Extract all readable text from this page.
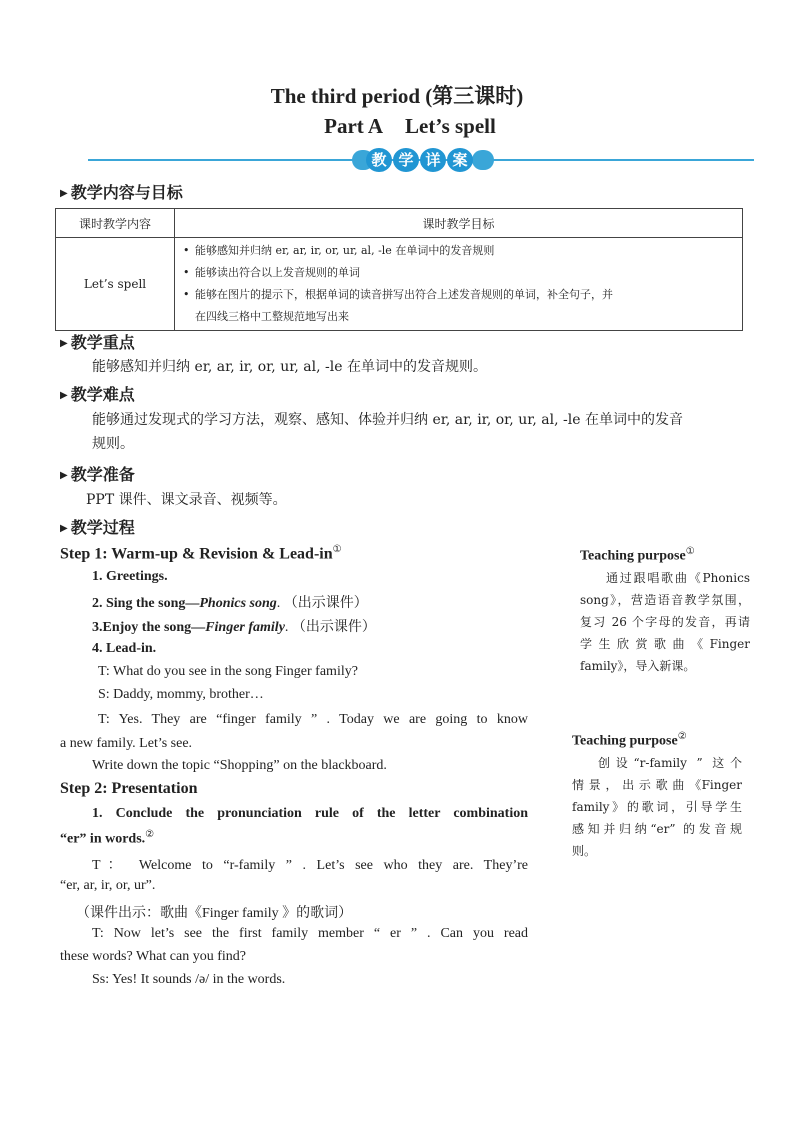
The third period (第三课时)
Part A Let’s spell
教 学 详 案
▶ 教学内容与目标
课时教学内容	课时教学目标
Let’s spell	• 能够感知并归纳 er, ar, ir, or, ur, al, -le 在单词中的发音规则
• 能够读出符合以上发音规则的单词
• 能够在图片的提示下，根据单词的读音拼写出符合上述发音规则的单词，补全句子，并
在四线三格中工整规范地写出来
▶ 教学重点
能够感知并归纳 er, ar, ir, or, ur, al, -le 在单词中的发音规则。
▶ 教学难点
能够通过发现式的学习方法，观察、感知、体验并归纳 er, ar, ir, or, ur, al, -le 在单词中的发音
规则。
▶ 教学准备
PPT 课件、课文录音、视频等。
▶ 教学过程
Step 1: Warm-up & Revision & Lead-in①
1. Greetings.
2. Sing the song—Phonics song. （出示课件）
3.Enjoy the song—Finger family. （出示课件）
4. Lead-in.
T: What do you see in the song Finger family?
S: Daddy, mommy, brother…
T: Yes. They are “finger family ” . Today we are going to know
a new family. Let’s see.
Write down the topic “Shopping” on the blackboard.
Step 2: Presentation
1. Conclude the pronunciation rule of the letter combination
“er” in words.②
T： Welcome to “r-family ” . Let’s see who they are. They’re
“er, ar, ir, or, ur”.
（课件出示：歌曲《Finger family 》的歌词）
T: Now let’s see the first family member “ er ” . Can you read
these words? What can you find?
Ss: Yes! It sounds /ə/ in the words.
Teaching purpose①
通过跟唱歌曲《Phonics
song》，营造语音教学氛围，
复习 26 个字母的发音，再请
学 生 欣 赏 歌 曲 《 Finger
family》，导入新课。
Teaching purpose②
创设“r-family ” 这个
情 景 ， 出 示 歌 曲 《Finger
family》的歌词，引导学生
感知并归纳“er” 的发音规
则。
